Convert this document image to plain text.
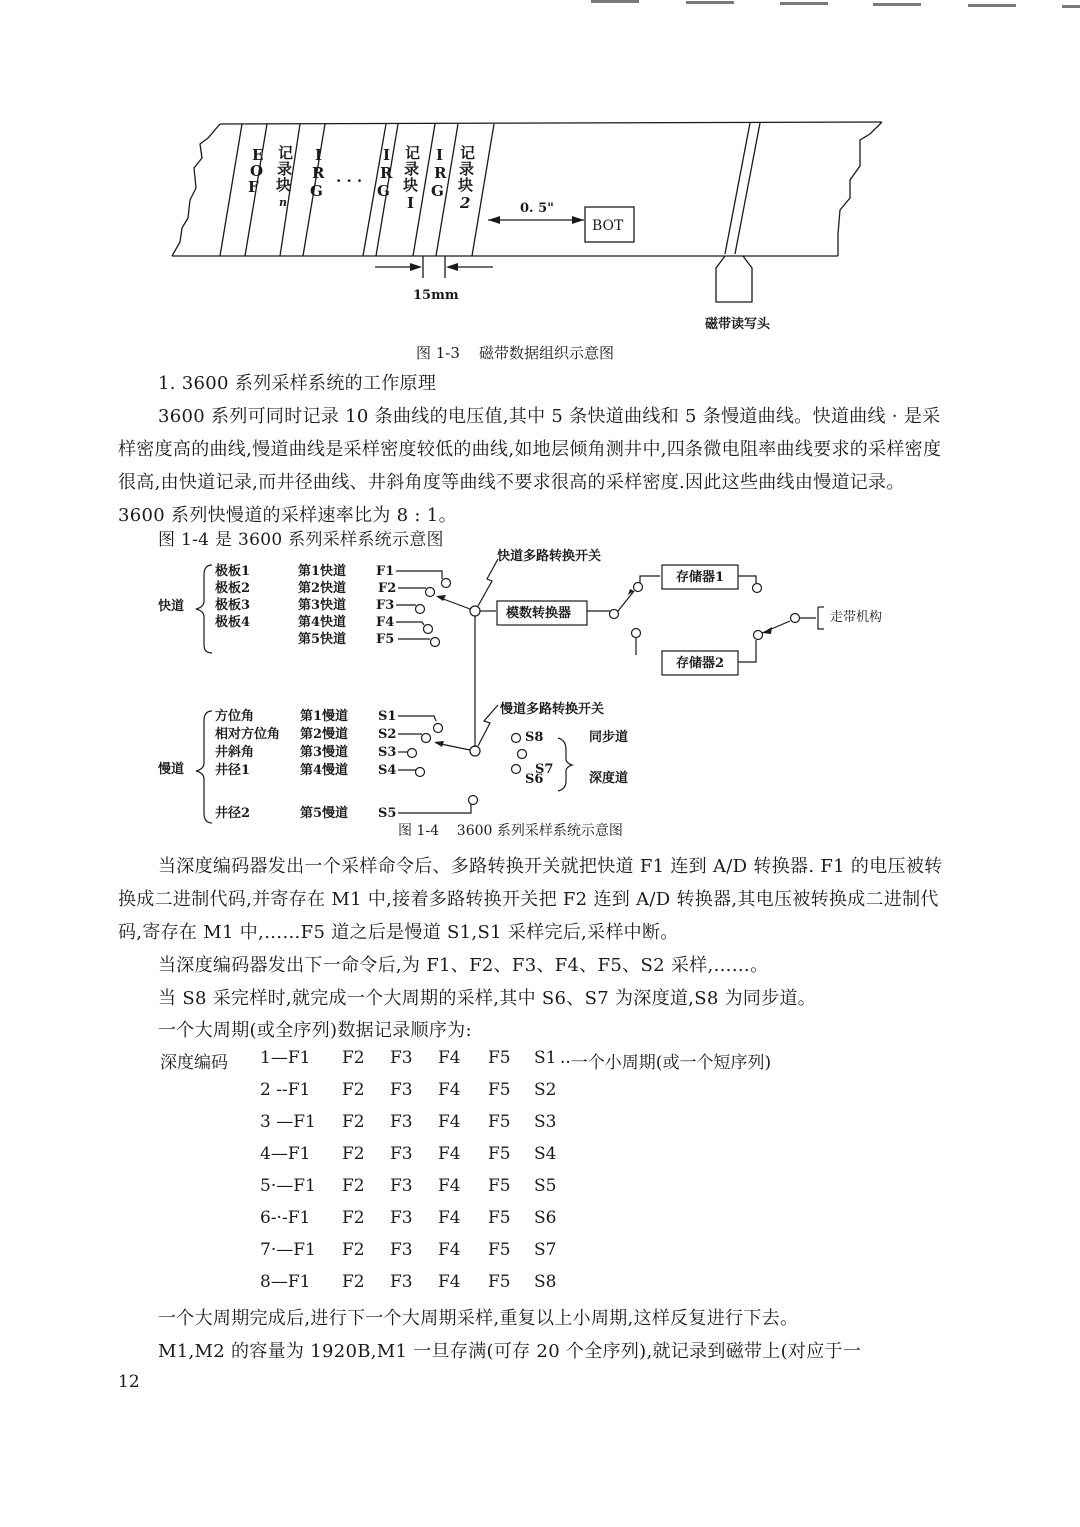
E
O
F
记
录
块
n
I
R
G
· · ·
I
R
G
记
录
块
I
I
R
G
记
录
块
2	0. 5"
BOT
15mm
磁带读写头
图 1-3    磁带数据组织示意图
1. 3600 系列采样系统的工作原理
3600 系列可同时记录 10 条曲线的电压值,其中 5 条快道曲线和 5 条慢道曲线。快道曲线 · 是采样密度高的曲线,慢道曲线是采样密度较低的曲线,如地层倾角测井中,四条微电阻率曲线要求的采样密度很高,由快道记录,而井径曲线、井斜角度等曲线不要求很高的采样密度.因此这些曲线由慢道记录。3600 系列快慢道的采样速率比为 8 : 1。
图 1-4 是 3600 系列采样系统示意图
快道
极板1
极板2
极板3
极板4
第1快道
第2快道
第3快道
第4快道
第5快道
F1
F2
F3
F4
F5
快道多路转换开关
模数转换器
存储器1
存储器2
走带机构
慢道
方位角
相对方位角
井斜角
井径1
井径2
第1慢道
第2慢道
第3慢道
第4慢道
第5慢道
S1
S2
S3
S4
S5
慢道多路转换开关
S8
S7
S6
同步道
深度道
图 1-4    3600 系列采样系统示意图
当深度编码器发出一个采样命令后、多路转换开关就把快道 F1 连到 A/D 转换器. F1 的电压被转换成二进制代码,并寄存在 M1 中,接着多路转换开关把 F2 连到 A/D 转换器,其电压被转换成二进制代码,寄存在 M1 中,……F5 道之后是慢道 S1,S1 采样完后,采样中断。
当深度编码器发出下一命令后,为 F1、F2、F3、F4、F5、S2 采样,……。
当 S8 采完样时,就完成一个大周期的采样,其中 S6、S7 为深度道,S8 为同步道。
一个大周期(或全序列)数据记录顺序为:
深度编码 1—F1 F2 F3 F4 F5 S1 ··一个小周期(或一个短序列)
2 --F1 F2 F3 F4 F5 S2
3 —F1 F2 F3 F4 F5 S3
4—F1 F2 F3 F4 F5 S4
5·—F1 F2 F3 F4 F5 S5
6-·-F1 F2 F3 F4 F5 S6
7·—F1 F2 F3 F4 F5 S7
8—F1 F2 F3 F4 F5 S8
一个大周期完成后,进行下一个大周期采样,重复以上小周期,这样反复进行下去。
M1,M2 的容量为 1920B,M1 一旦存满(可存 20 个全序列),就记录到磁带上(对应于一
12
